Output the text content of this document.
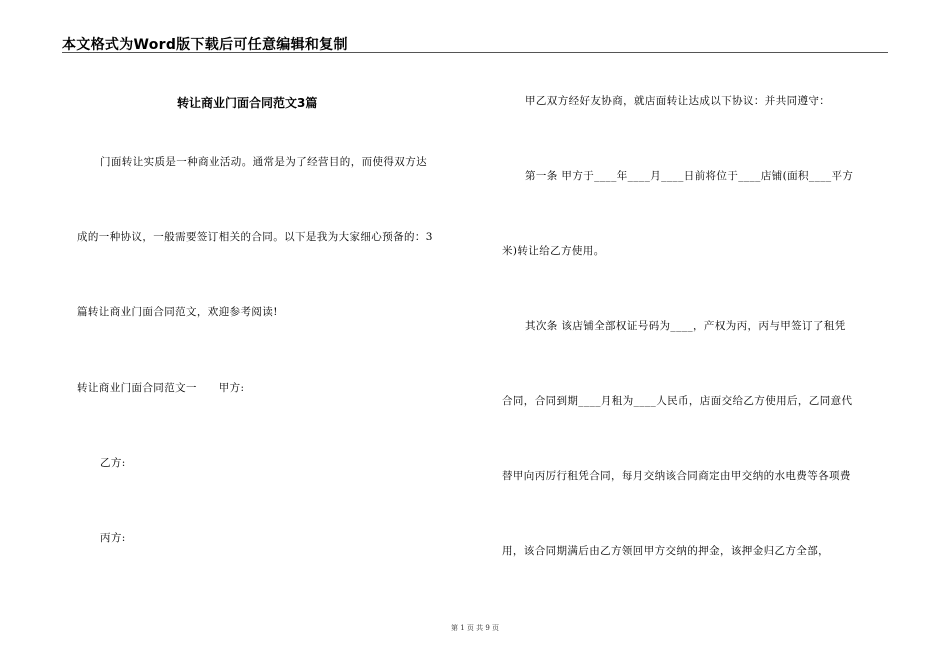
本文格式为Word版下载后可任意编辑和复制
转让商业门面合同范文3篇
门面转让实质是一种商业活动。通常是为了经营目的，而使得双方达
成的一种协议，一般需要签订相关的合同。以下是我为大家细心预备的：3
篇转让商业门面合同范文，欢迎参考阅读!
转让商业门面合同范文一　　甲方:
乙方:
丙方:
甲乙双方经好友协商，就店面转让达成以下协议：并共同遵守：
第一条 甲方于____年____月____日前将位于____店铺(面积____平方
米)转让给乙方使用。
其次条 该店铺全部权证号码为____，产权为丙，丙与甲签订了租凭
合同，合同到期____月租为____人民币，店面交给乙方使用后，乙同意代
替甲向丙厉行租凭合同，每月交纳该合同商定由甲交纳的水电费等各项费
用，该合同期满后由乙方领回甲方交纳的押金，该押金归乙方全部，
第 1 页 共 9 页
